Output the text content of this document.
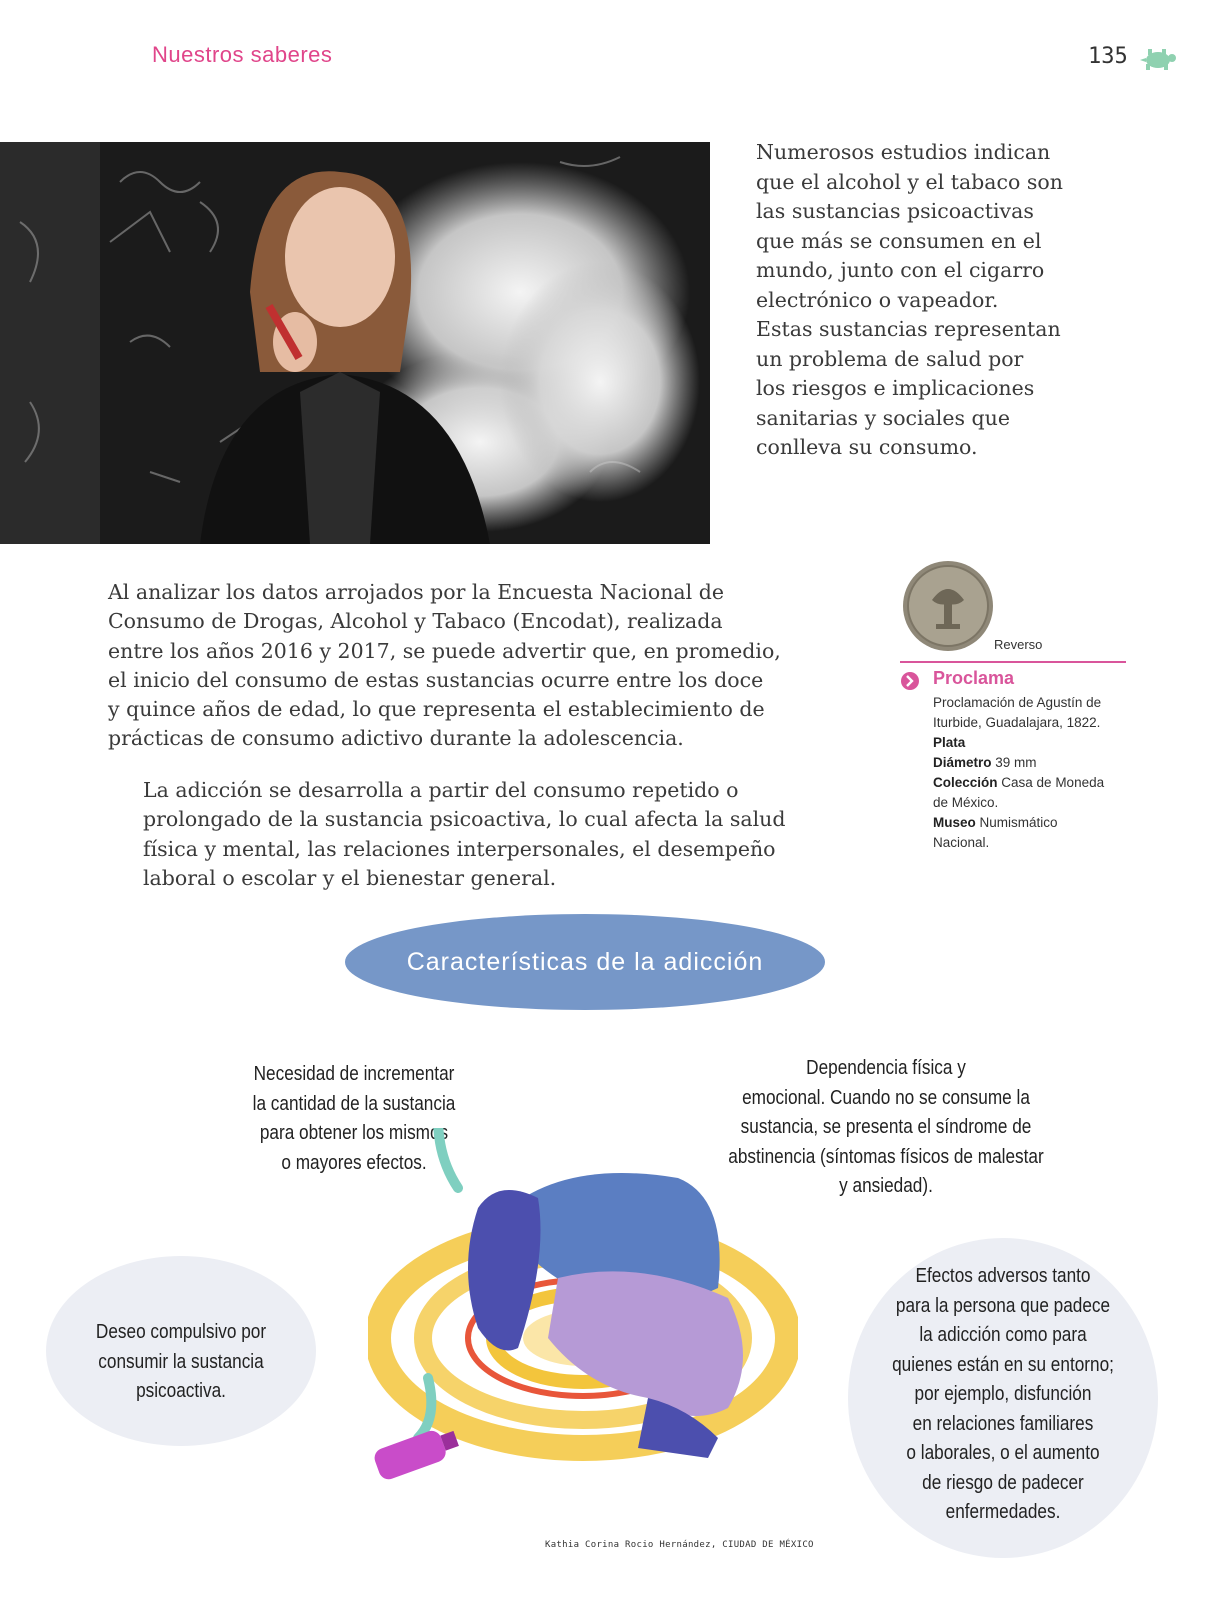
Nuestros saberes	135
Numerosos estudios indican
que el alcohol y el tabaco son
las sustancias psicoactivas
que más se consumen en el
mundo, junto con el cigarro
electrónico o vapeador.
Estas sustancias representan
un problema de salud por
los riesgos e implicaciones
sanitarias y sociales que
conlleva su consumo.
Al analizar los datos arrojados por la Encuesta Nacional de
Consumo de Drogas, Alcohol y Tabaco (Encodat), realizada
entre los años 2016 y 2017, se puede advertir que, en promedio,
el inicio del consumo de estas sustancias ocurre entre los doce
y quince años de edad, lo que representa el establecimiento de
prácticas de consumo adictivo durante la adolescencia.
La adicción se desarrolla a partir del consumo repetido o
prolongado de la sustancia psicoactiva, lo cual afecta la salud
física y mental, las relaciones interpersonales, el desempeño
laboral o escolar y el bienestar general.
Reverso
Proclama
Proclamación de Agustín de
Iturbide, Guadalajara, 1822.
Plata
Diámetro 39 mm
Colección Casa de Moneda
de México.
Museo Numismático
Nacional.
Características de la adicción
Necesidad de incrementar
la cantidad de la sustancia
para obtener los mismos
o mayores efectos.
Dependencia física y
emocional. Cuando no se consume la
sustancia, se presenta el síndrome de
abstinencia (síntomas físicos de malestar
y ansiedad).
Deseo compulsivo por
consumir la sustancia
psicoactiva.
Efectos adversos tanto
para la persona que padece
la adicción como para
quienes están en su entorno;
por ejemplo, disfunción
en relaciones familiares
o laborales, o el aumento
de riesgo de padecer
enfermedades.
Kathia Corina Rocio Hernández, CIUDAD DE MÉXICO
